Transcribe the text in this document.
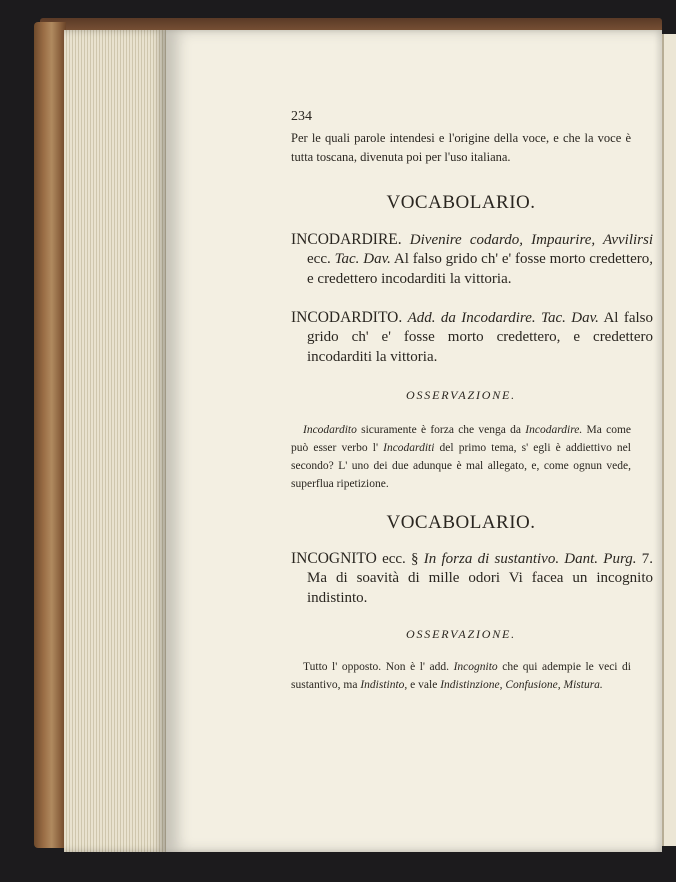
234
Per le quali parole intendesi e l'origine della voce, e che la voce è tutta toscana, divenuta poi per l'uso italiana.
VOCABOLARIO.
INCODARDIRE. Divenire codardo, Impaurire, Avvilirsi ecc. Tac. Dav. Al falso grido ch' e' fosse morto credettero, e credettero incodarditi la vittoria.
INCODARDITO. Add. da Incodardire. Tac. Dav. Al falso grido ch' e' fosse morto credettero, e credettero incodarditi la vittoria.
OSSERVAZIONE.
Incodardito sicuramente è forza che venga da Incodardire. Ma come può esser verbo l' Incodarditi del primo tema, s' egli è addiettivo nel secondo? L' uno dei due adunque è mal allegato, e, come ognun vede, superflua ripetizione.
VOCABOLARIO.
INCOGNITO ecc. § In forza di sustantivo. Dant. Purg. 7. Ma di soavità di mille odori Vi facea un incognito indistinto.
OSSERVAZIONE.
Tutto l' opposto. Non è l' add. Incognito che qui adempie le veci di sustantivo, ma Indistinto, e vale Indistinzione, Confusione, Mistura.
